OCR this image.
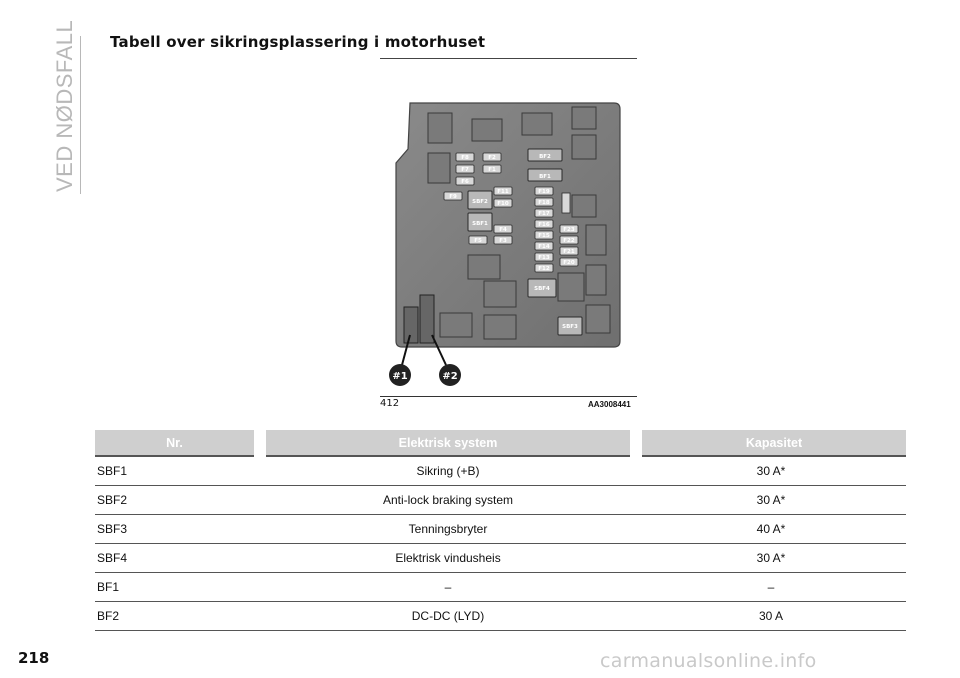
VED NØDSFALL Tabell over sikringsplassering i motorhuset
F8	F2
F7	F1
F6
F9
SBF2
F11
F10
SBF1
F4
F5	F3
BF2
BF1
F19
F18
F17
F16
F15
F14
F13
F12
F23
F22
F21
F20
SBF4
SBF3
#1	#2
412	AA3008441
Nr.	Elektrisk system	Kapasitet
SBF1	Sikring (+B)	30 A*
SBF2	Anti-lock braking system	30 A*
SBF3	Tenningsbryter	40 A*
SBF4	Elektrisk vindusheis	30 A*
BF1	–	–
BF2	DC-DC (LYD)	30 A
218	carmanualsonline.info
